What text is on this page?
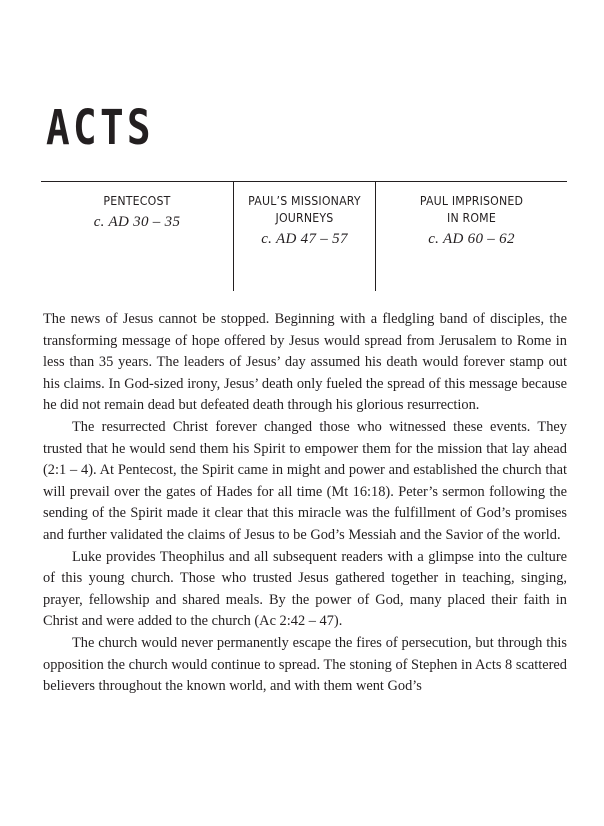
ACTS
PENTECOST
c. AD 30 – 35
PAUL’S MISSIONARY
JOURNEYS
c. AD 47 – 57
PAUL IMPRISONED
IN ROME
c. AD 60 – 62

The news of Jesus cannot be stopped. Beginning with a fledgling band of disciples, the transforming message of hope offered by Jesus would spread from Jerusalem to Rome in less than 35 years. The leaders of Jesus’ day assumed his death would forever stamp out his claims. In God-sized irony, Jesus’ death only fueled the spread of this message because he did not remain dead but defeated death through his glorious resurrection.

The resurrected Christ forever changed those who witnessed these events. They trusted that he would send them his Spirit to empower them for the mission that lay ahead (2:1 – 4). At Pentecost, the Spirit came in might and power and established the church that will prevail over the gates of Hades for all time (Mt 16:18). Peter’s sermon following the sending of the Spirit made it clear that this miracle was the fulfillment of God’s promises and further validated the claims of Jesus to be God’s Messiah and the Savior of the world.

Luke provides Theophilus and all subsequent readers with a glimpse into the culture of this young church. Those who trusted Jesus gathered together in teaching, singing, prayer, fellowship and shared meals. By the power of God, many placed their faith in Christ and were added to the church (Ac 2:42 – 47).

The church would never permanently escape the fires of persecution, but through this opposition the church would continue to spread. The stoning of Stephen in Acts 8 scattered believers throughout the known world, and with them went God’s
